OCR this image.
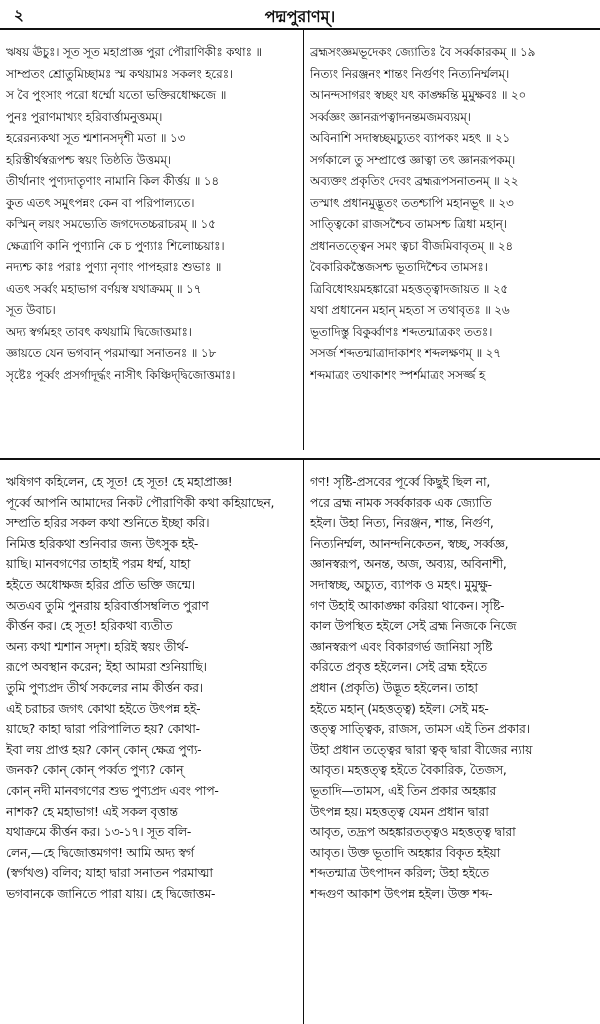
২	পদ্মপুরাণম্‌।
ঋষয় ঊচুঃ। সূত সূত মহাপ্রাজ্ঞ পুরা পৌরাণিকীঃ কথাঃ ॥
সাম্প্রতং শ্রোতুমিচ্ছামঃ স্ম কথয়ামঃ সকলং হরেঃ।
স বৈ পুংসাং পরো ধর্ম্মো যতো ভক্তিরধোক্ষজে ॥
পুনঃ পুরাণমাখ্যং হরিবার্ত্তামনুত্তমম্‌।
হরেরন্যকথা সূত শ্মশানসদৃশী মতা ॥ ১৩
হরিস্তীর্থস্বরূপশ্চ স্বয়ং তিষ্ঠতি উত্তমম্‌।
তীর্থানাং পুণ্যদাতৄণাং নামানি কিল কীর্ত্তয় ॥ ১৪
কুত এতৎ সমুৎপন্নং কেন বা পরিপাল্যতে।
কস্মিন্‌ লয়ং সমভ্যেতি জগদেতচ্চরাচরম্‌ ॥ ১৫
ক্ষেত্রাণি কানি পুণ্যানি কে চ পুণ্যাঃ শিলোচ্চয়াঃ।
নদ্যশ্চ কাঃ পরাঃ পুণ্যা নৃণাং পাপহরাঃ শুভাঃ ॥
এতৎ সর্ব্বং মহাভাগ বর্ণয়স্ব যথাক্রমম্‌ ॥ ১৭
সূত উবাচ।
অদ্য স্বর্গমহং তাবৎ কথয়ামি দ্বিজোত্তমাঃ।
জ্ঞায়তে যেন ভগবান্‌ পরমাত্মা সনাতনঃ ॥ ১৮
সৃষ্টেঃ পূর্ব্বং প্রসর্গাদূর্দ্ধং নাসীৎ কিঞ্চিদ্‌দ্বিজোত্তমাঃ।
ব্রহ্মসংজ্ঞমভূদেকং জ্যোতিঃ বৈ সর্ব্বকারকম্‌ ॥ ১৯
নিত্যং নিরঞ্জনং শান্তং নির্গুণং নিত্যনির্ম্মলম্‌।
আনন্দসাগরং স্বচ্ছং যৎ কাঙ্ক্ষন্তি মুমুক্ষবঃ ॥ ২০
সর্ব্বজ্ঞং জ্ঞানরূপত্বাদনন্তমজমব্যয়ম্‌।
অবিনাশি সদাস্বচ্ছমচ্যুতং ব্যাপকং মহৎ ॥ ২১
সর্গকালে তু সম্প্রাপ্তে জ্ঞাত্বা তৎ জ্ঞানরূপকম্‌।
অব্যক্তং প্রকৃতিং দেবং ব্রহ্মরূপসনাতনম্‌ ॥ ২২
তস্মাৎ প্রধানমুদ্ভূতং ততশ্চাপি মহানভূৎ ॥ ২৩
সাত্ত্বিকো রাজসশ্চৈব তামসশ্চ ত্রিধা মহান্‌।
প্রধানতত্ত্বেন সমং ত্বচা বীজমিবাবৃতম্‌ ॥ ২৪
বৈকারিকস্তৈজসশ্চ ভূতাদিশ্চৈব তামসঃ।
ত্রিবিধোঽয়মহঙ্কারো মহত্তত্ত্বাদজায়ত ॥ ২৫
যথা প্রধানেন মহান্‌ মহতা স তথাবৃতঃ ॥ ২৬
ভূতাদিস্তু বিকুর্ব্বাণঃ শব্দতন্মাত্রকং ততঃ।
সসর্জ শব্দতন্মাত্রাদাকাশং শব্দলক্ষণম্‌ ॥ ২৭
শব্দমাত্রং তথাকাশং স্পর্শমাত্রং সসর্জ্জ হ
ঋষিগণ কহিলেন, হে সূত! হে সূত! হে মহাপ্রাজ্ঞ!
পূর্ব্বে আপনি আমাদের নিকট পৌরাণিকী কথা কহিয়াছেন,
সম্প্রতি হরির সকল কথা শুনিতে ইচ্ছা করি।
নিমিত্ত হরিকথা শুনিবার জন্য উৎসুক হই-
য়াছি। মানবগণের তাহাই পরম ধর্ম্ম, যাহা
হইতে অধোক্ষজ হরির প্রতি ভক্তি জন্মে।
অতএব তুমি পুনরায় হরিবার্ত্তাসম্বলিত পুরাণ
কীর্ত্তন কর। হে সূত! হরিকথা ব্যতীত
অন্য কথা শ্মশান সদৃশ। হরিই স্বয়ং তীর্থ-
রূপে অবস্থান করেন; ইহা আমরা শুনিয়াছি।
তুমি পুণ্যপ্রদ তীর্থ সকলের নাম কীর্ত্তন কর।
এই চরাচর জগৎ কোথা হইতে উৎপন্ন হই-
য়াছে? কাহা দ্বারা পরিপালিত হয়? কোথা-
ইবা লয় প্রাপ্ত হয়? কোন্‌ কোন্‌ ক্ষেত্র পুণ্য-
জনক? কোন্‌ কোন্‌ পর্ব্বত পুণ্য? কোন্‌
কোন্‌ নদী মানবগণের শুভ পুণ্যপ্রদ এবং পাপ-
নাশক? হে মহাভাগ! এই সকল বৃত্তান্ত
যথাক্রমে কীর্ত্তন কর। ১৩-১৭। সূত বলি-
লেন,—হে দ্বিজোত্তমগণ! আমি অদ্য স্বর্গ
(স্বর্গখণ্ড) বলিব; যাহা দ্বারা সনাতন পরমাত্মা
ভগবানকে জানিতে পারা যায়। হে দ্বিজোত্তম-
গণ! সৃষ্টি-প্রসবের পূর্ব্বে কিছুই ছিল না,
পরে ব্রহ্ম নামক সর্ব্বকারক এক জ্যোতি
হইল। উহা নিত্য, নিরঞ্জন, শান্ত, নির্গুণ,
নিত্যনির্ম্মল, আনন্দনিকেতন, স্বচ্ছ, সর্ব্বজ্ঞ,
জ্ঞানস্বরূপ, অনন্ত, অজ, অব্যয়, অবিনাশী,
সদাস্বচ্ছ, অচ্যুত, ব্যাপক ও মহৎ। মুমুক্ষু-
গণ উহাই আকাঙ্ক্ষা করিয়া থাকেন। সৃষ্টি-
কাল উপস্থিত হইলে সেই ব্রহ্ম নিজকে নিজে
জ্ঞানস্বরূপ এবং বিকারগর্ভ জানিয়া সৃষ্টি
করিতে প্রবৃত্ত হইলেন। সেই ব্রহ্ম হইতে
প্রধান (প্রকৃতি) উদ্ভূত হইলেন। তাহা
হইতে মহান্‌ (মহত্তত্ত্ব) হইল। সেই মহ-
ত্তত্ত্ব সাত্ত্বিক, রাজস, তামস এই তিন প্রকার।
উহা প্রধান তত্ত্বের দ্বারা ত্বক্‌ দ্বারা বীজের ন্যায়
আবৃত। মহত্তত্ত্ব হইতে বৈকারিক, তৈজস,
ভূতাদি—তামস, এই তিন প্রকার অহঙ্কার
উৎপন্ন হয়। মহত্তত্ত্ব যেমন প্রধান দ্বারা
আবৃত, তদ্রূপ অহঙ্কারতত্ত্বও মহত্তত্ত্ব দ্বারা
আবৃত। উক্ত ভূতাদি অহঙ্কার বিকৃত হইয়া
শব্দতন্মাত্র উৎপাদন করিল; উহা হইতে
শব্দগুণ আকাশ উৎপন্ন হইল। উক্ত শব্দ-
